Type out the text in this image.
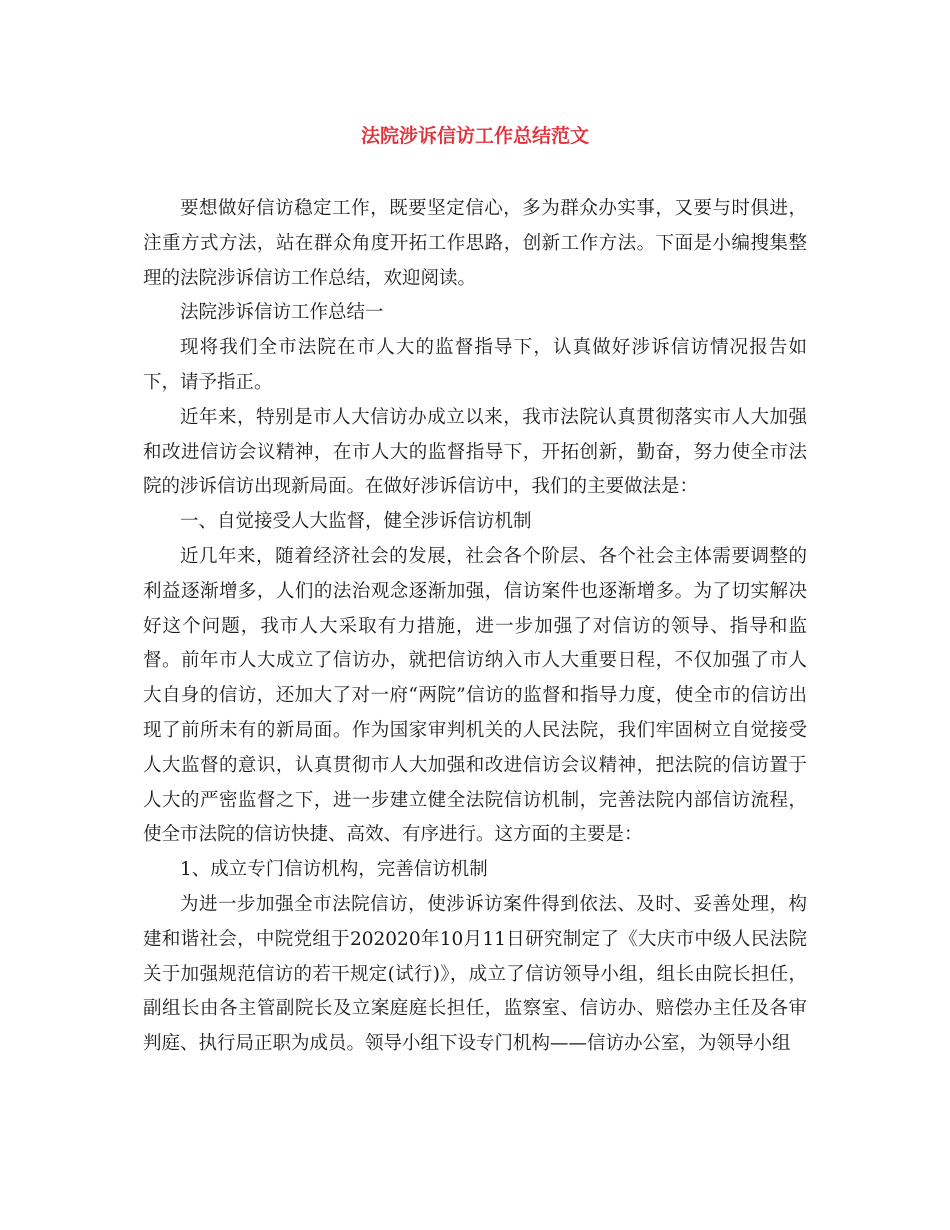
法院涉诉信访工作总结范文

要想做好信访稳定工作，既要坚定信心，多为群众办实事，又要与时俱进，注重方式方法，站在群众角度开拓工作思路，创新工作方法。下面是小编搜集整理的法院涉诉信访工作总结，欢迎阅读。

法院涉诉信访工作总结一

现将我们全市法院在市人大的监督指导下，认真做好涉诉信访情况报告如下，请予指正。

近年来，特别是市人大信访办成立以来，我市法院认真贯彻落实市人大加强和改进信访会议精神，在市人大的监督指导下，开拓创新，勤奋，努力使全市法院的涉诉信访出现新局面。在做好涉诉信访中，我们的主要做法是：

一、自觉接受人大监督，健全涉诉信访机制

近几年来，随着经济社会的发展，社会各个阶层、各个社会主体需要调整的利益逐渐增多，人们的法治观念逐渐加强，信访案件也逐渐增多。为了切实解决好这个问题，我市人大采取有力措施，进一步加强了对信访的领导、指导和监督。前年市人大成立了信访办，就把信访纳入市人大重要日程，不仅加强了市人大自身的信访，还加大了对一府“两院”信访的监督和指导力度，使全市的信访出现了前所未有的新局面。作为国家审判机关的人民法院，我们牢固树立自觉接受人大监督的意识，认真贯彻市人大加强和改进信访会议精神，把法院的信访置于人大的严密监督之下，进一步建立健全法院信访机制，完善法院内部信访流程，使全市法院的信访快捷、高效、有序进行。这方面的主要是：

1、成立专门信访机构，完善信访机制

为进一步加强全市法院信访，使涉诉访案件得到依法、及时、妥善处理，构建和谐社会，中院党组于202020年10月11日研究制定了《大庆市中级人民法院关于加强规范信访的若干规定(试行)》，成立了信访领导小组，组长由院长担任，副组长由各主管副院长及立案庭庭长担任，监察室、信访办、赔偿办主任及各审判庭、执行局正职为成员。领导小组下设专门机构——信访办公室，为领导小组
